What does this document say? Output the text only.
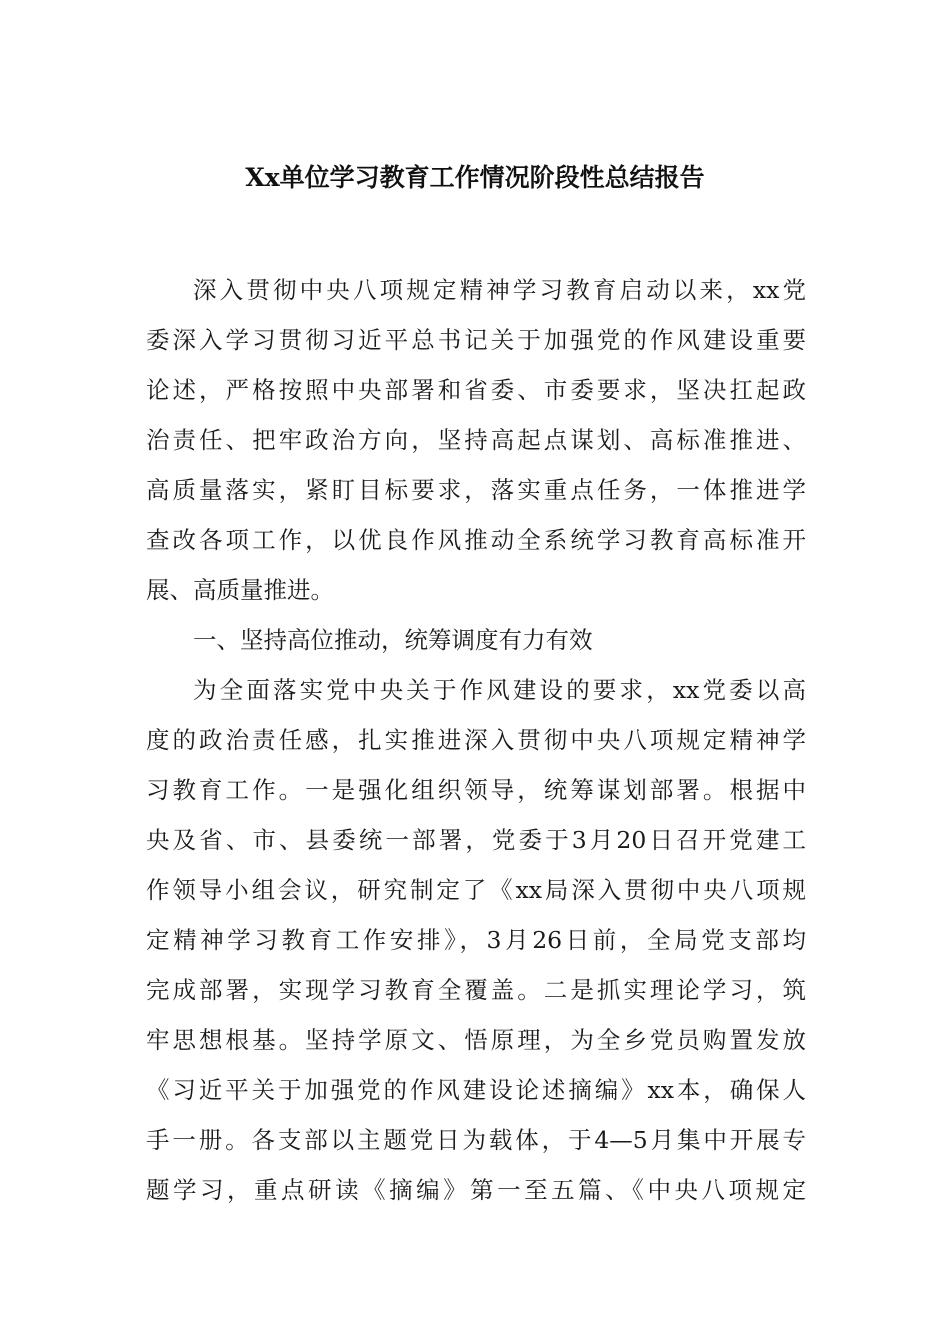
Xx单位学习教育工作情况阶段性总结报告
深入贯彻中央八项规定精神学习教育启动以来，xx党
委深入学习贯彻习近平总书记关于加强党的作风建设重要
论述，严格按照中央部署和省委、市委要求，坚决扛起政
治责任、把牢政治方向，坚持高起点谋划、高标准推进、
高质量落实，紧盯目标要求，落实重点任务，一体推进学
查改各项工作，以优良作风推动全系统学习教育高标准开
展、高质量推进。
一、坚持高位推动，统筹调度有力有效
为全面落实党中央关于作风建设的要求，xx党委以高
度的政治责任感，扎实推进深入贯彻中央八项规定精神学
习教育工作。一是强化组织领导，统筹谋划部署。根据中
央及省、市、县委统一部署，党委于3月20日召开党建工
作领导小组会议，研究制定了《xx局深入贯彻中央八项规
定精神学习教育工作安排》，3月26日前，全局党支部均
完成部署，实现学习教育全覆盖。二是抓实理论学习，筑
牢思想根基。坚持学原文、悟原理，为全乡党员购置发放
《习近平关于加强党的作风建设论述摘编》xx本，确保人
手一册。各支部以主题党日为载体，于4—5月集中开展专
题学习，重点研读《摘编》第一至五篇、《中央八项规定
